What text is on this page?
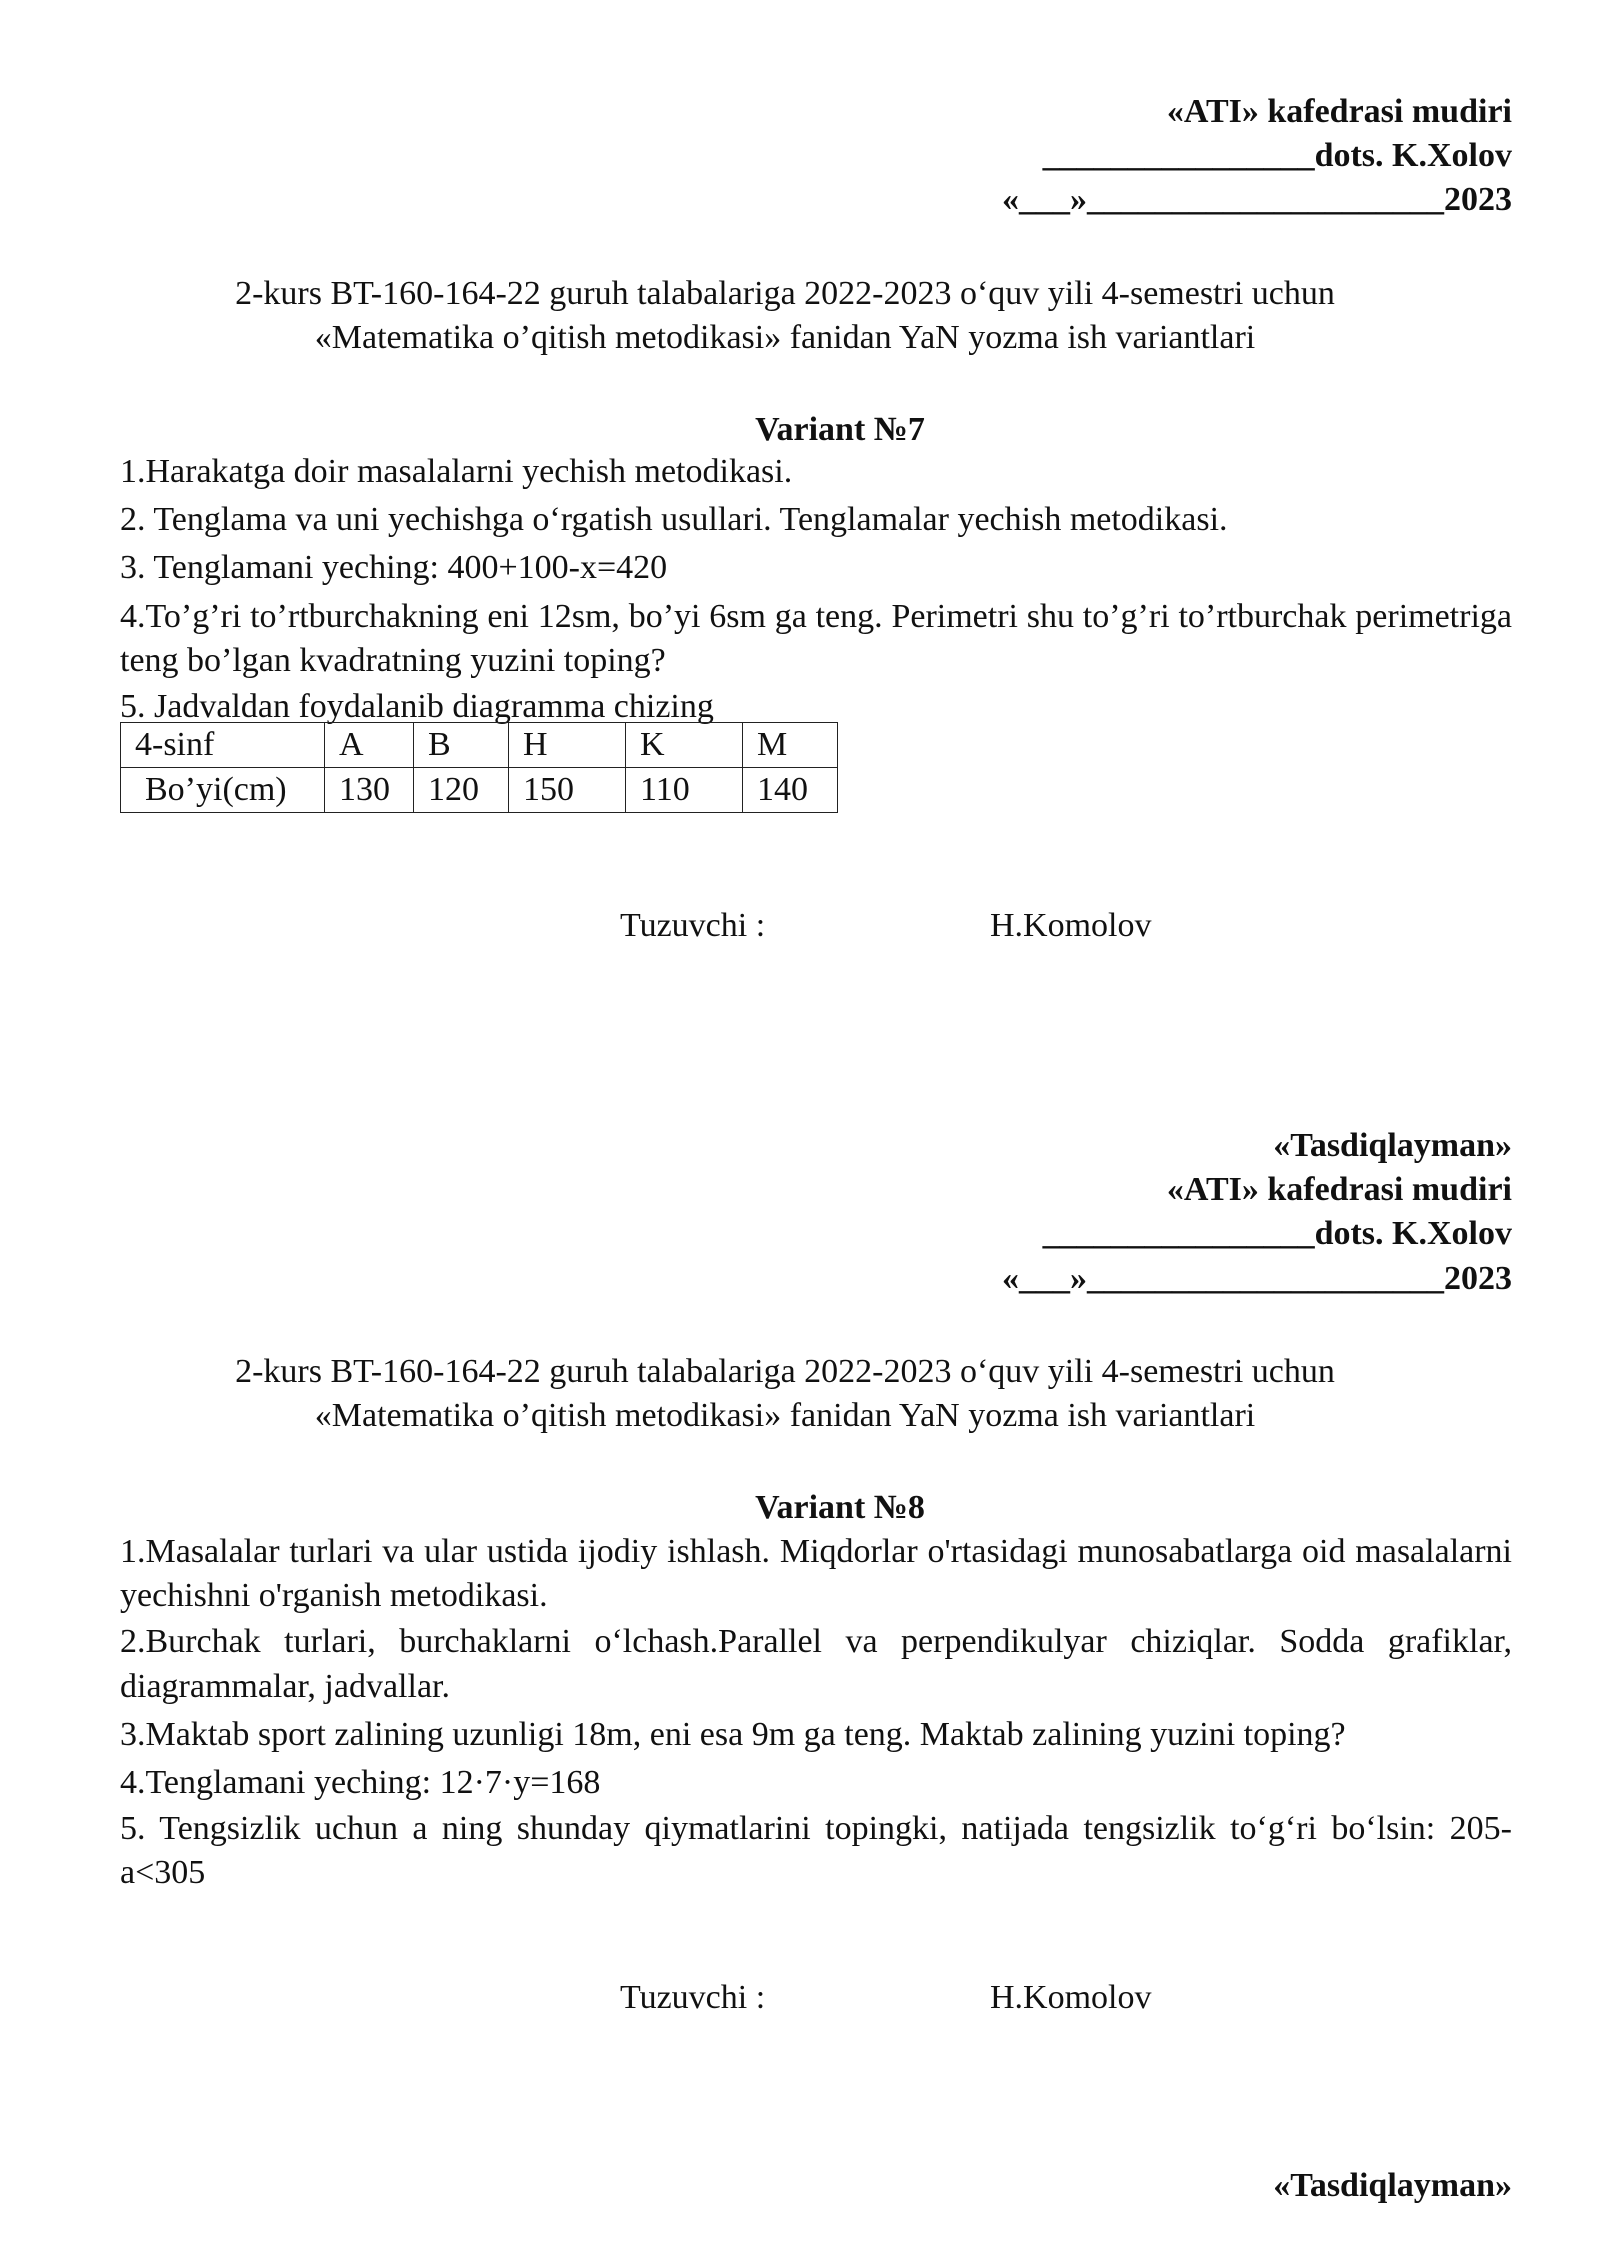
«ATI» kafedrasi mudiri
________________dots. K.Xolov
«___»_____________________2023
2-kurs BT-160-164-22 guruh talabalariga 2022-2023 o‘quv yili 4-semestri uchun
«Matematika o’qitish metodikasi» fanidan YaN yozma ish variantlari
Variant №7
1.Harakatga doir masalalarni yechish metodikasi.
2. Tenglama va uni yechishga o‘rgatish usullari. Tenglamalar yechish metodikasi.
3. Tenglamani yeching: 400+100-x=420
4.To’g’ri to’rtburchakning eni 12sm, bo’yi 6sm ga teng. Perimetri shu to’g’ri to’rtburchak perimetriga teng bo’lgan kvadratning yuzini toping?
5. Jadvaldan foydalanib diagramma chizing
4-sinf	A	B	H	K	M
Bo’yi(cm)	130	120	150	110	140
Tuzuvchi :	H.Komolov
«Tasdiqlayman»
«ATI» kafedrasi mudiri
________________dots. K.Xolov
«___»_____________________2023
2-kurs BT-160-164-22 guruh talabalariga 2022-2023 o‘quv yili 4-semestri uchun
«Matematika o’qitish metodikasi» fanidan YaN yozma ish variantlari
Variant №8
1.Masalalar turlari va ular ustida ijodiy ishlash. Miqdorlar o'rtasidagi munosabatlarga oid masalalarni yechishni o'rganish metodikasi.
2.Burchak turlari, burchaklarni o‘lchash.Parallel va perpendikulyar chiziqlar. Sodda grafiklar, diagrammalar, jadvallar.
3.Maktab sport zalining uzunligi 18m, eni esa 9m ga teng. Maktab zalining yuzini toping?
4.Tenglamani yeching: 12·7·y=168
5. Tengsizlik uchun a ning shunday qiymatlarini topingki, natijada tengsizlik to‘g‘ri bo‘lsin: 205-a<305
Tuzuvchi :	H.Komolov
«Tasdiqlayman»
